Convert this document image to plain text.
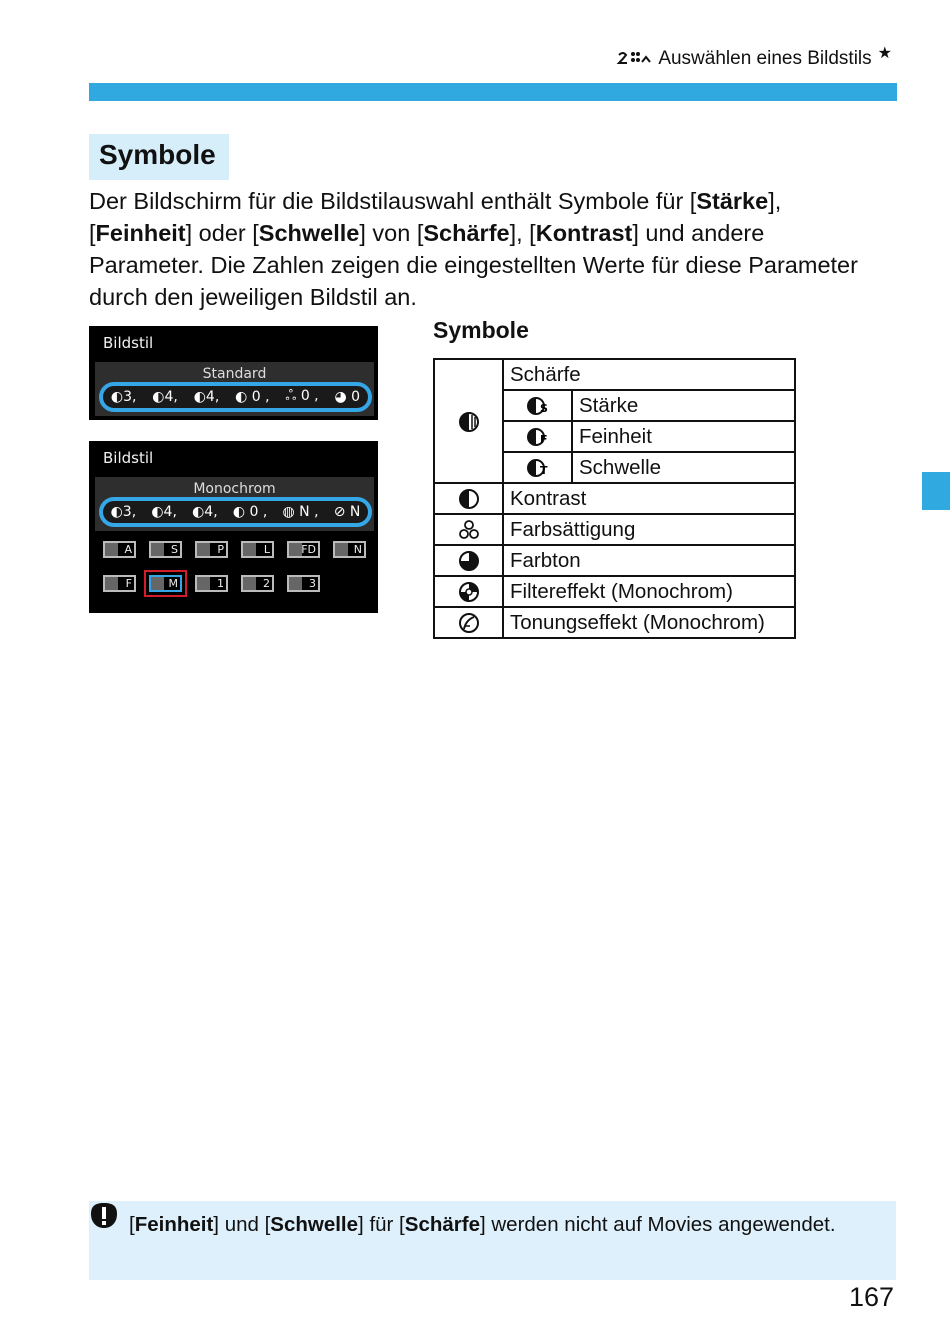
Auswählen eines Bildstils ★
Symbole
Der Bildschirm für die Bildstilauswahl enthält Symbole für [Stärke], [Feinheit] oder [Schwelle] von [Schärfe], [Kontrast] und andere Parameter. Die Zahlen zeigen die eingestellten Werte für diese Parameter durch den jeweiligen Bildstil an.
Bildstil
Standard
◐3, ◐4, ◐4, ◐ 0 , ஃ 0 , ◕ 0
Bildstil
Monochrom
◐3, ◐4, ◐4, ◐ 0 , ◍ N , ⊘ N
A	S	P	L	FD	N
F	M	1	2	3
Symbole
	Schärfe	

S	Stärke

F	Feinheit

T	Schwelle
	Kontrast	
	Farbsättigung	
	Farbton	
	Filtereffekt (Monochrom)	
	Tonungseffekt (Monochrom)	
[Feinheit] und [Schwelle] für [Schärfe] werden nicht auf Movies angewendet.
167
